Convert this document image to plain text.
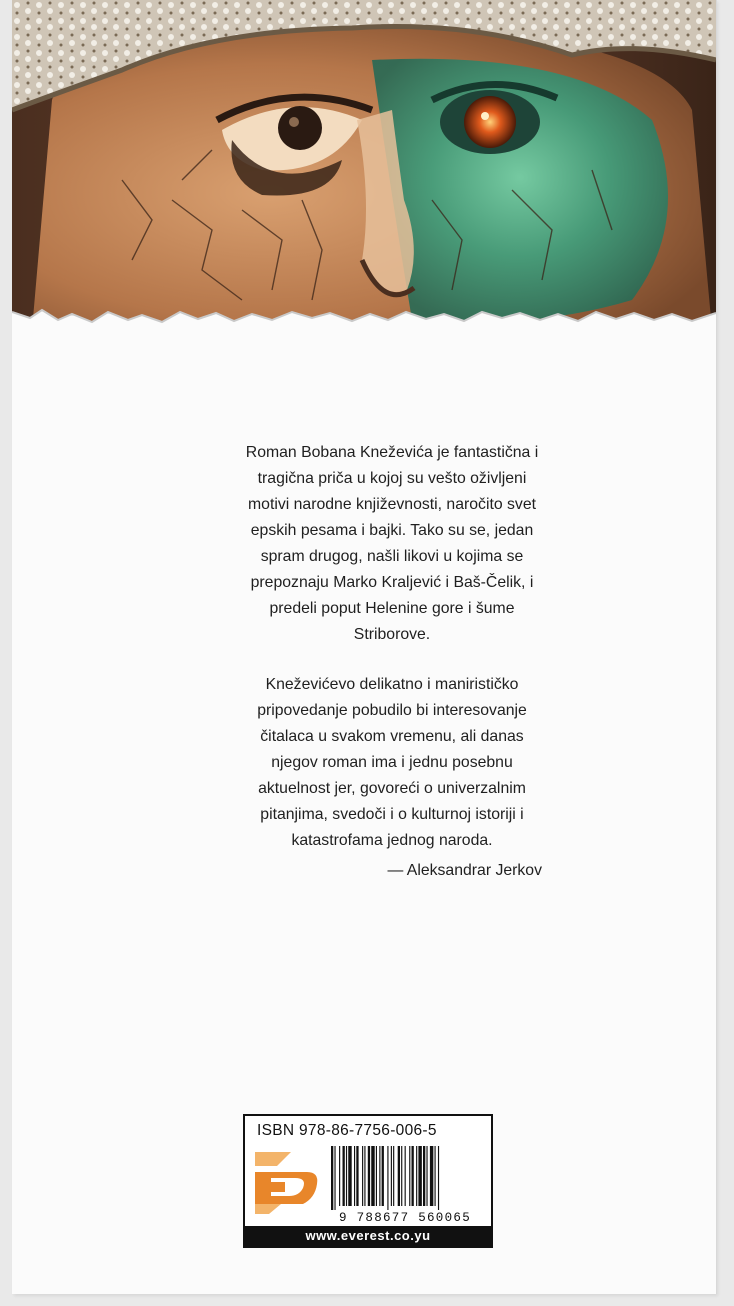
Roman Bobana Kneževića je fantastična i tragična priča u kojoj su vešto oživljeni motivi narodne književnosti, naročito svet epskih pesama i bajki. Tako su se, jedan spram drugog, našli likovi u kojima se prepoznaju Marko Kraljević i Baš-Čelik, i predeli poput Helenine gore i šume Striborove.

Kneževićevo delikatno i manirističko pripovedanje pobudilo bi interesovanje čitalaca u svakom vremenu, ali danas njegov roman ima i jednu posebnu aktuelnost jer, govoreći o univerzalnim pitanjima, svedoči i o kulturnoj istoriji i katastrofama jednog naroda.

— Aleksandrar Jerkov
ISBN 978-86-7756-006-5
9 788677 560065
www.everest.co.yu
